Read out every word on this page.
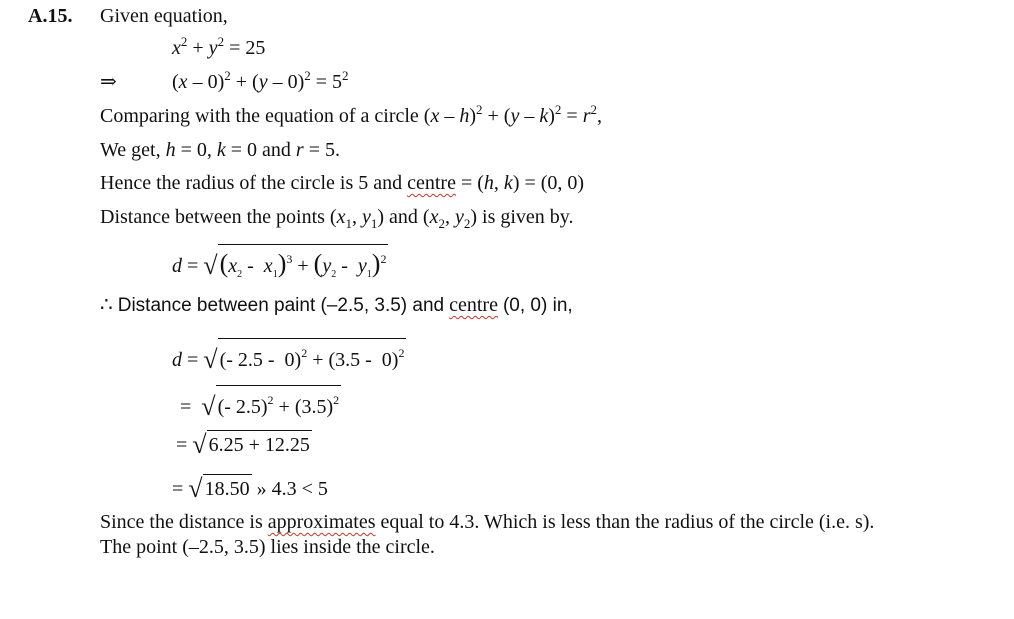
A.15. Given equation,
$x^2 + y^2 = 25$
⇒	$(x - 0)^2 + (y - 0)^2 = 5^2$
Comparing with the equation of a circle $(x - h)^2 + (y - k)^2 = r^2$,
We get, h = 0, k = 0 and r = 5.
Hence the radius of the circle is 5 and centre = (h, k) = (0, 0)
Distance between the points ($x_1$, $y_1$) and ($x_2$, $y_2$) is given by.
$d = √(x_2 - x_1)^3 + (y_2 - y_1)^2$
∴ Distance between paint (–2.5, 3.5) and centre (0, 0) in,
d = √ (- 2.5 -  0)$^2$ + (3.5 -  0)$^2$
=  √ (- $2.5)^2 + (3.5)^2$
= √ 6.25 + 12.25
= √ 18.50 » 4.3 < 5
Since the distance is approximates equal to 4.3. Which is less than the radius of the circle (i.e. s).
The point (–2.5, 3.5) lies inside the circle.
